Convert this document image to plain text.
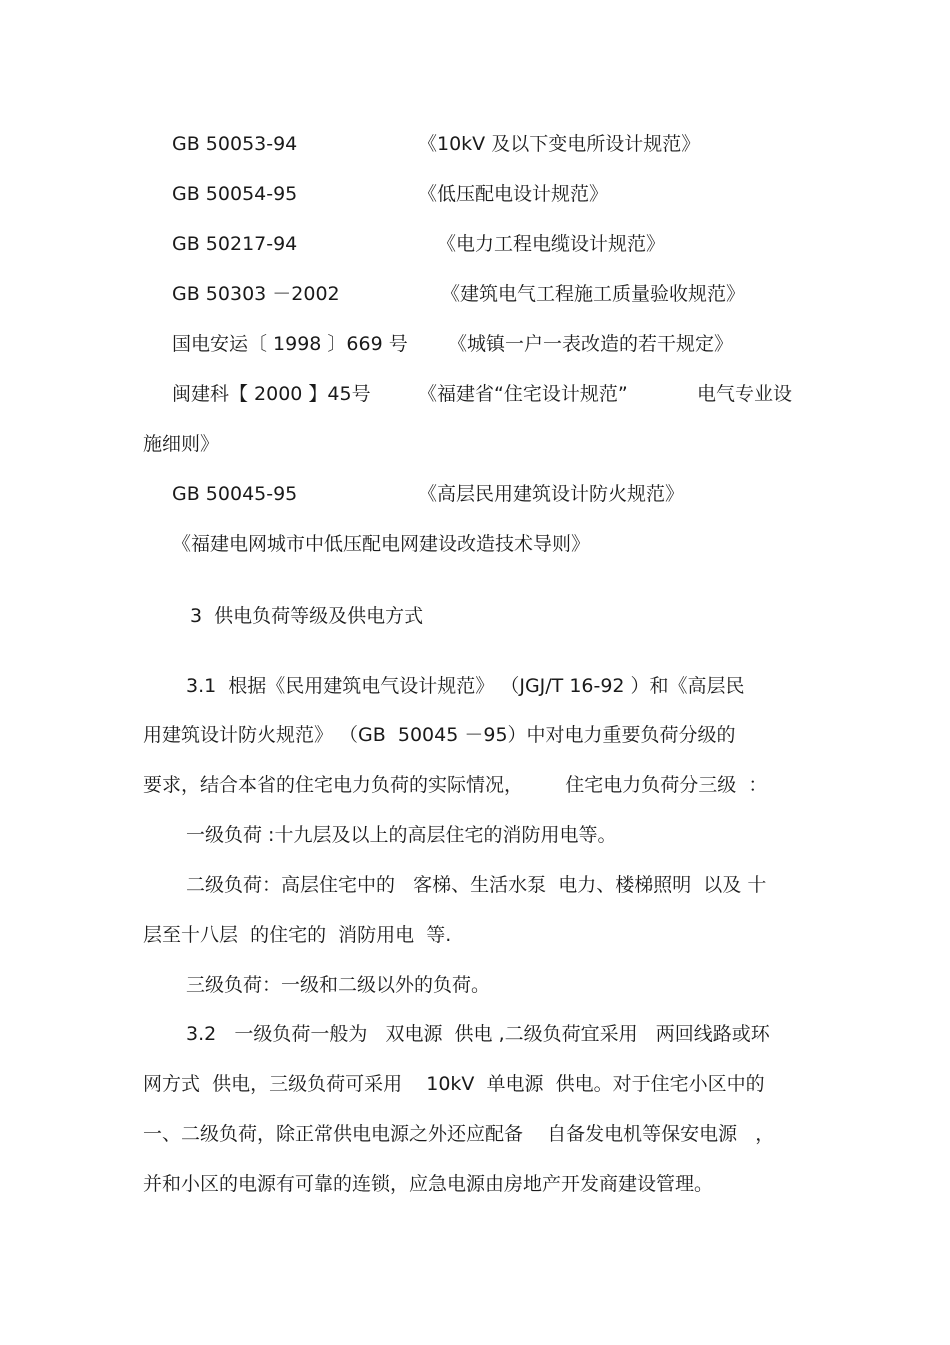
GB 50053-94	《10kV 及以下变电所设计规范》
GB 50054-95	《低压配电设计规范》
GB 50217-94	《电力工程电缆设计规范》
GB 50303 －2002	《建筑电气工程施工质量验收规范》
国电安运〔 1998 〕669 号 《城镇一户一表改造的若干规定》
闽建科【 2000 】45号 《福建省“住宅设计规范”	电气专业设
施细则》
GB 50045-95	《高层民用建筑设计防火规范》
《福建电网城市中低压配电网建设改造技术导则》
3  供电负荷等级及供电方式
3.1  根据《民用建筑电气设计规范》 （JGJ/T 16-92 ）和《高层民
用建筑设计防火规范》 （GB  50045 －95）中对电力重要负荷分级的
要求，结合本省的住宅电力负荷的实际情况，       住宅电力负荷分三级  ：
一级负荷 :十九层及以上的高层住宅的消防用电等。
二级负荷：高层住宅中的   客梯、生活水泵  电力、楼梯照明  以及 十
层至十八层  的住宅的  消防用电  等.
三级负荷：一级和二级以外的负荷。
3.2   一级负荷一般为   双电源  供电 ,二级负荷宜采用   两回线路或环
网方式  供电，三级负荷可采用    10kV  单电源  供电。对于住宅小区中的
一、二级负荷，除正常供电电源之外还应配备    自备发电机等保安电源   ，
并和小区的电源有可靠的连锁，应急电源由房地产开发商建设管理。
